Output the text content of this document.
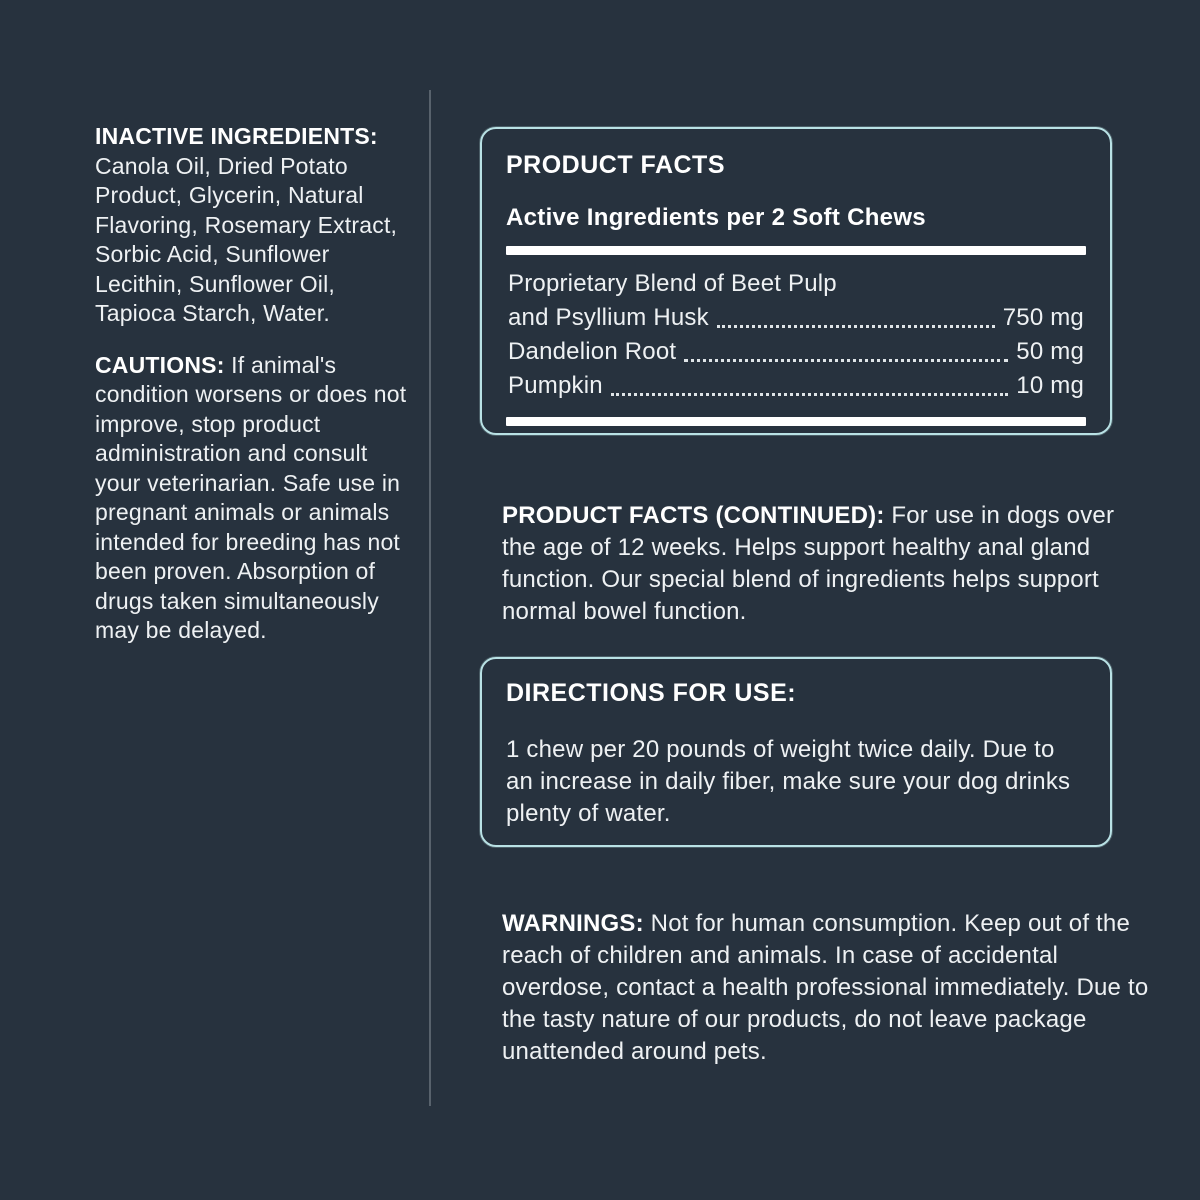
INACTIVE INGREDIENTS:
Canola Oil, Dried Potato Product, Glycerin, Natural Flavoring, Rosemary Extract, Sorbic Acid, Sunflower Lecithin, Sunflower Oil, Tapioca Starch, Water.

CAUTIONS: If animal's condition worsens or does not improve, stop product administration and consult your veterinarian. Safe use in pregnant animals or animals intended for breeding has not been proven. Absorption of drugs taken simultaneously may be delayed.

PRODUCT FACTS
Active Ingredients per 2 Soft Chews
Proprietary Blend of Beet Pulp
and Psyllium Husk	750 mg
Dandelion Root	50 mg
Pumpkin	10 mg

PRODUCT FACTS (CONTINUED): For use in dogs over the age of 12 weeks. Helps support healthy anal gland function. Our special blend of ingredients helps support normal bowel function.

DIRECTIONS FOR USE:
1 chew per 20 pounds of weight twice daily. Due to an increase in daily fiber, make sure your dog drinks plenty of water.

WARNINGS: Not for human consumption. Keep out of the reach of children and animals. In case of accidental overdose, contact a health professional immediately. Due to the tasty nature of our products, do not leave package unattended around pets.
